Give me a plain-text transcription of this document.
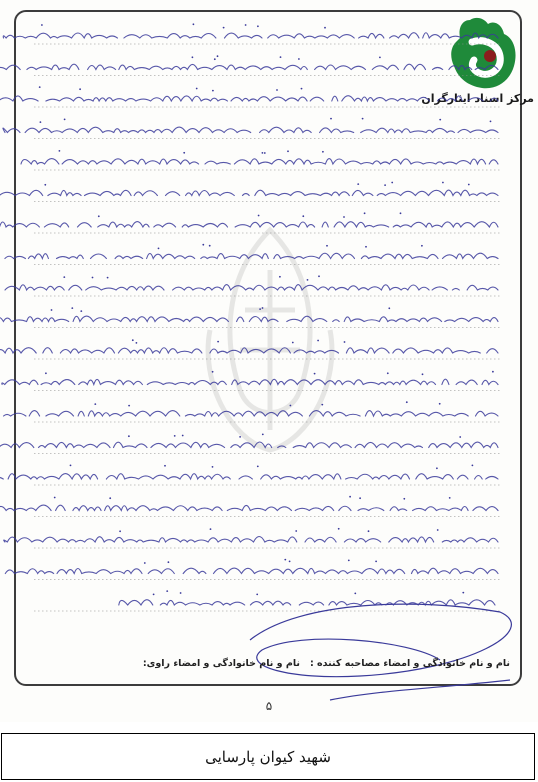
مرکز اسناد ایثارگران
نام و نام خانوادگی و امضاء مصاحبه کننده :
نام و نام خانوادگی و امضاء راوی:
۵
شهید کیوان پارسایی
